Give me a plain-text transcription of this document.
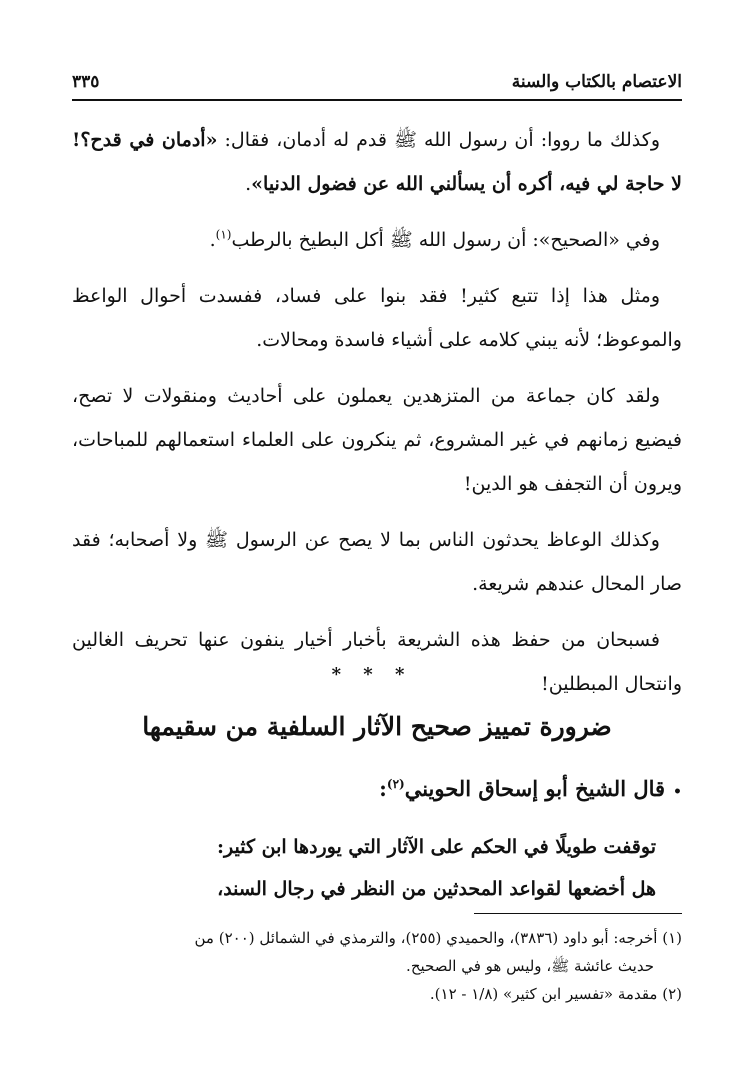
الاعتصام بالكتاب والسنة
٣٣٥

وكذلك ما رووا: أن رسول الله ﷺ قدم له أدمان، فقال: «أدمان في قدح؟! لا حاجة لي فيه، أكره أن يسألني الله عن فضول الدنيا».

وفي «الصحيح»: أن رسول الله ﷺ أكل البطيخ بالرطب$^{(١)}$.

ومثل هذا إذا تتبع كثير! فقد بنوا على فساد، ففسدت أحوال الواعظ والموعوظ؛ لأنه يبني كلامه على أشياء فاسدة ومحالات.

ولقد كان جماعة من المتزهدين يعملون على أحاديث ومنقولات لا تصح، فيضيع زمانهم في غير المشروع، ثم ينكرون على العلماء استعمالهم للمباحات، ويرون أن التجفف هو الدين!

وكذلك الوعاظ يحدثون الناس بما لا يصح عن الرسول ﷺ ولا أصحابه؛ فقد صار المحال عندهم شريعة.

فسبحان من حفظ هذه الشريعة بأخبار أخيار ينفون عنها تحريف الغالين وانتحال المبطلين!

* * *
ضرورة تمييز صحيح الآثار السلفية من سقيمها
•قال الشيخ أبو إسحاق الحويني$^{(٢)}$:

توقفت طويلًا في الحكم على الآثار التي يوردها ابن كثير:

هل أخضعها لقواعد المحدثين من النظر في رجال السند،

(١) أخرجه: أبو داود (٣٨٣٦)، والحميدي (٢٥٥)، والترمذي في الشمائل (٢٠٠) من

حديث عائشة ﷺ، وليس هو في الصحيح.

(٢) مقدمة «تفسير ابن كثير» (١/٨ - ١٢).
